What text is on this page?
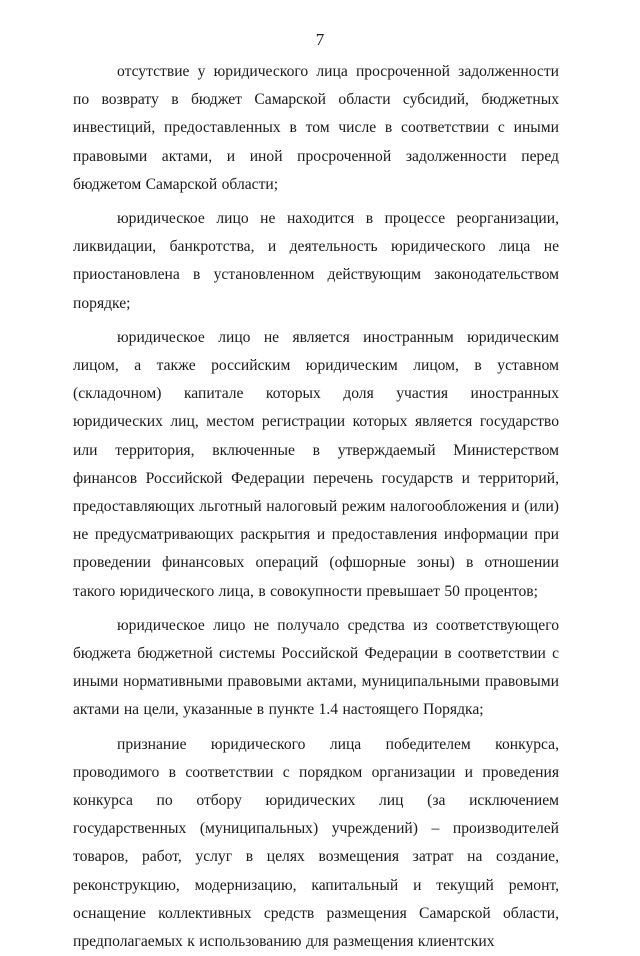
7

отсутствие у юридического лица просроченной задолженности по возврату в бюджет Самарской области субсидий, бюджетных инвестиций, предоставленных в том числе в соответствии с иными правовыми актами, и иной просроченной задолженности перед бюджетом Самарской области;

юридическое лицо не находится в процессе реорганизации, ликвидации, банкротства, и деятельность юридического лица не приостановлена в установленном действующим законодательством порядке;

юридическое лицо не является иностранным юридическим лицом, а также российским юридическим лицом, в уставном (складочном) капитале которых доля участия иностранных юридических лиц, местом регистрации которых является государство или территория, включенные в утверждаемый Министерством финансов Российской Федерации перечень государств и территорий, предоставляющих льготный налоговый режим налогообложения и (или) не предусматривающих раскрытия и предоставления информации при проведении финансовых операций (офшорные зоны) в отношении такого юридического лица, в совокупности превышает 50 процентов;

юридическое лицо не получало средства из соответствующего бюджета бюджетной системы Российской Федерации в соответствии с иными нормативными правовыми актами, муниципальными правовыми актами на цели, указанные в пункте 1.4 настоящего Порядка;

признание юридического лица победителем конкурса, проводимого в соответствии с порядком организации и проведения конкурса по отбору юридических лиц (за исключением государственных (муниципальных) учреждений) – производителей товаров, работ, услуг в целях возмещения затрат на создание, реконструкцию, модернизацию, капитальный и текущий ремонт, оснащение коллективных средств размещения Самарской области, предполагаемых к использованию для размещения клиентских
